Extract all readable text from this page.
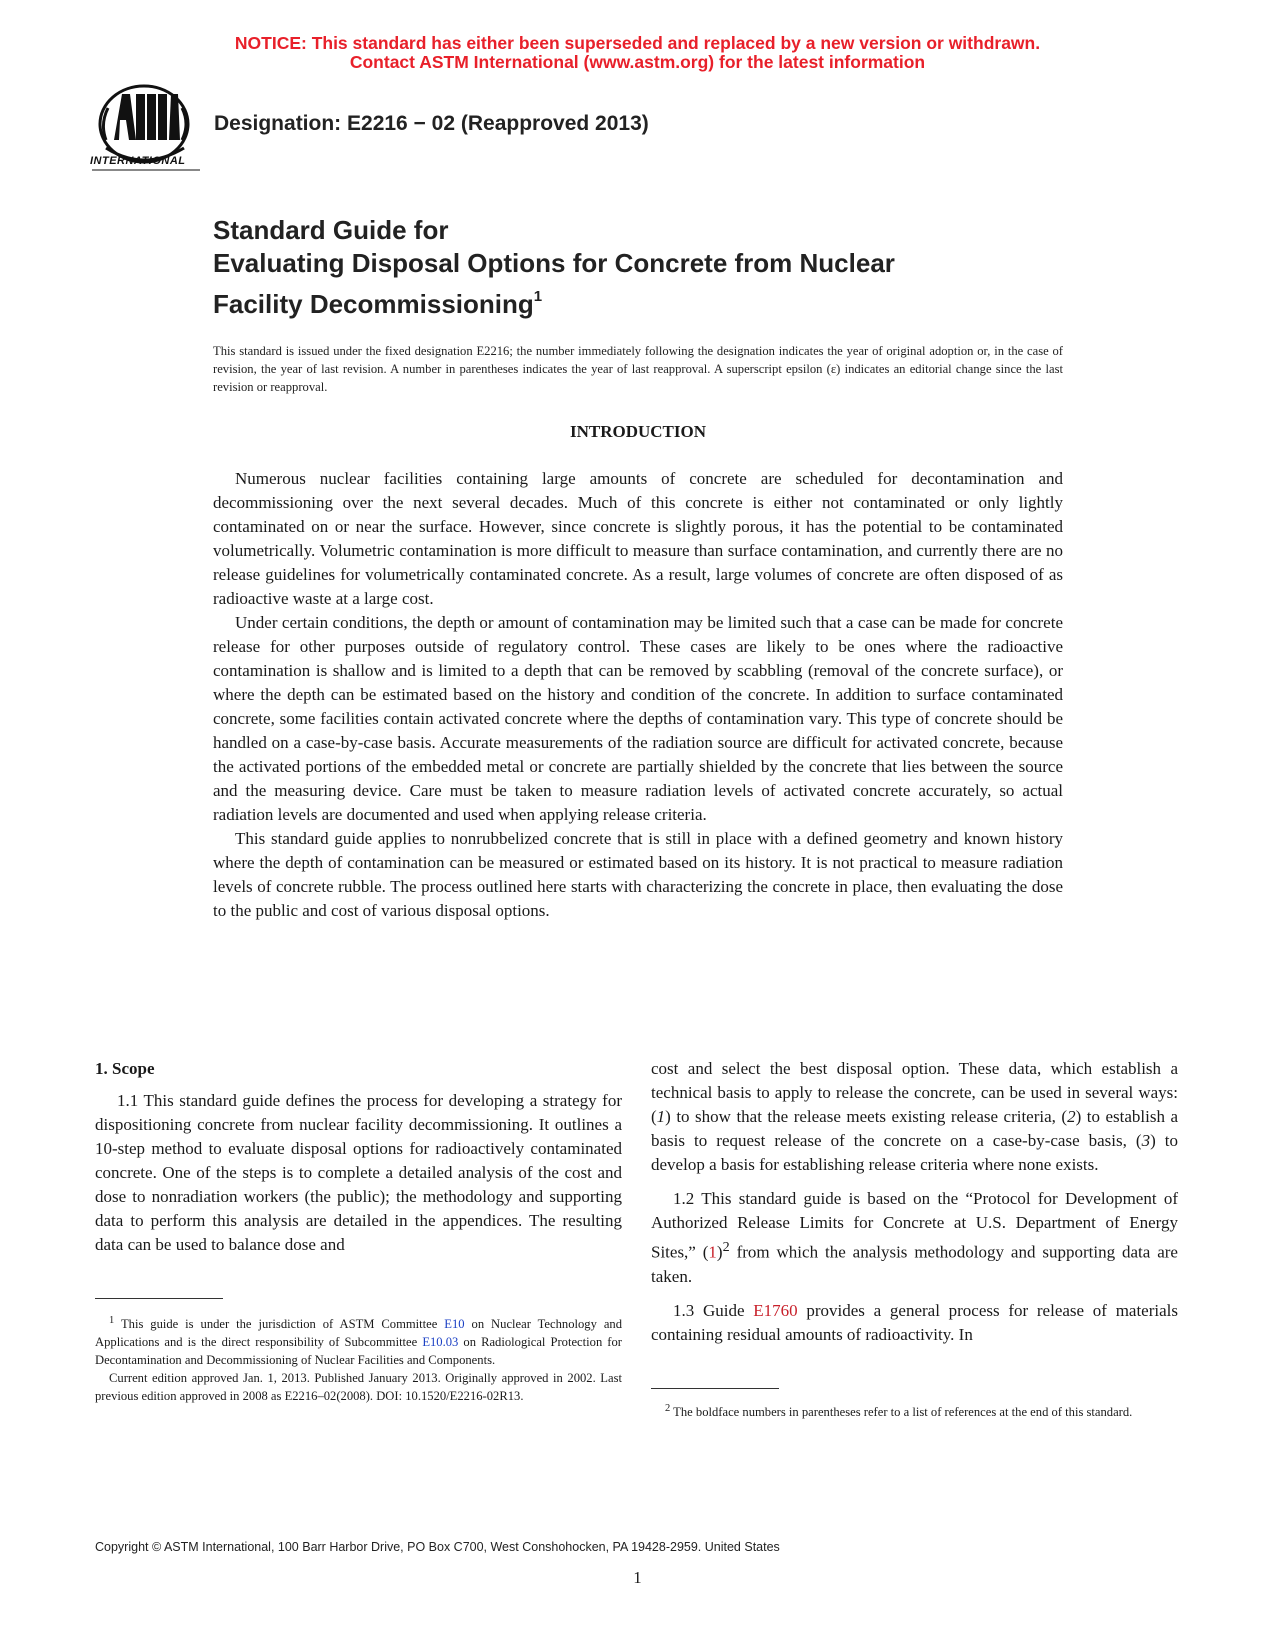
NOTICE: This standard has either been superseded and replaced by a new version or withdrawn.
Contact ASTM International (www.astm.org) for the latest information
INTERNATIONAL
Designation: E2216 − 02 (Reapproved 2013)
Standard Guide for
Evaluating Disposal Options for Concrete from Nuclear
Facility Decommissioning$^1$
This standard is issued under the fixed designation E2216; the number immediately following the designation indicates the year of original adoption or, in the case of revision, the year of last revision. A number in parentheses indicates the year of last reapproval. A superscript epsilon (ε) indicates an editorial change since the last revision or reapproval.
INTRODUCTION

Numerous nuclear facilities containing large amounts of concrete are scheduled for decontamination and decommissioning over the next several decades. Much of this concrete is either not contaminated or only lightly contaminated on or near the surface. However, since concrete is slightly porous, it has the potential to be contaminated volumetrically. Volumetric contamination is more difficult to measure than surface contamination, and currently there are no release guidelines for volumetrically contaminated concrete. As a result, large volumes of concrete are often disposed of as radioactive waste at a large cost.

Under certain conditions, the depth or amount of contamination may be limited such that a case can be made for concrete release for other purposes outside of regulatory control. These cases are likely to be ones where the radioactive contamination is shallow and is limited to a depth that can be removed by scabbling (removal of the concrete surface), or where the depth can be estimated based on the history and condition of the concrete. In addition to surface contaminated concrete, some facilities contain activated concrete where the depths of contamination vary. This type of concrete should be handled on a case-by-case basis. Accurate measurements of the radiation source are difficult for activated concrete, because the activated portions of the embedded metal or concrete are partially shielded by the concrete that lies between the source and the measuring device. Care must be taken to measure radiation levels of activated concrete accurately, so actual radiation levels are documented and used when applying release criteria.

This standard guide applies to nonrubbelized concrete that is still in place with a defined geometry and known history where the depth of contamination can be measured or estimated based on its history. It is not practical to measure radiation levels of concrete rubble. The process outlined here starts with characterizing the concrete in place, then evaluating the dose to the public and cost of various disposal options.

1. Scope

1.1 This standard guide defines the process for developing a strategy for dispositioning concrete from nuclear facility decommissioning. It outlines a 10-step method to evaluate disposal options for radioactively contaminated concrete. One of the steps is to complete a detailed analysis of the cost and dose to nonradiation workers (the public); the methodology and supporting data to perform this analysis are detailed in the appendices. The resulting data can be used to balance dose and

$^1$ This guide is under the jurisdiction of ASTM Committee E10 on Nuclear Technology and Applications and is the direct responsibility of Subcommittee E10.03 on Radiological Protection for Decontamination and Decommissioning of Nuclear Facilities and Components.

Current edition approved Jan. 1, 2013. Published January 2013. Originally approved in 2002. Last previous edition approved in 2008 as E2216–02(2008). DOI: 10.1520/E2216-02R13.

cost and select the best disposal option. These data, which establish a technical basis to apply to release the concrete, can be used in several ways: (1) to show that the release meets existing release criteria, (2) to establish a basis to request release of the concrete on a case-by-case basis, (3) to develop a basis for establishing release criteria where none exists.

1.2 This standard guide is based on the “Protocol for Development of Authorized Release Limits for Concrete at U.S. Department of Energy Sites,” $(1)^2$ from which the analysis methodology and supporting data are taken.

1.3 Guide E1760 provides a general process for release of materials containing residual amounts of radioactivity. In

$^2$ The boldface numbers in parentheses refer to a list of references at the end of this standard.

Copyright © ASTM International, 100 Barr Harbor Drive, PO Box C700, West Conshohocken, PA 19428-2959. United States
1
